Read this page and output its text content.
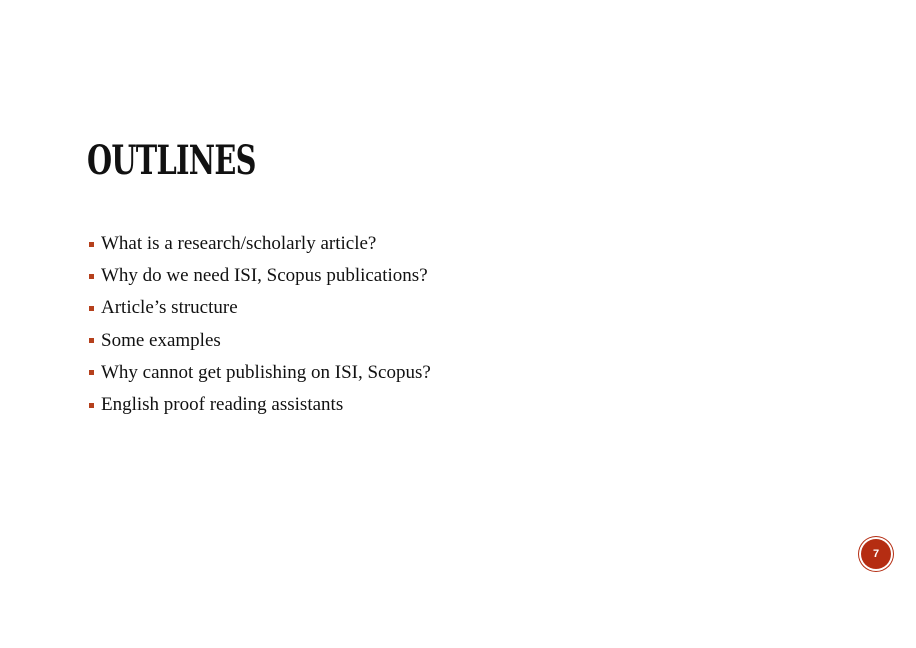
OUTLINES
What is a research/scholarly article?
Why do we need ISI, Scopus publications?
Article’s structure
Some examples
Why cannot get publishing on ISI, Scopus?
English proof reading assistants
7
